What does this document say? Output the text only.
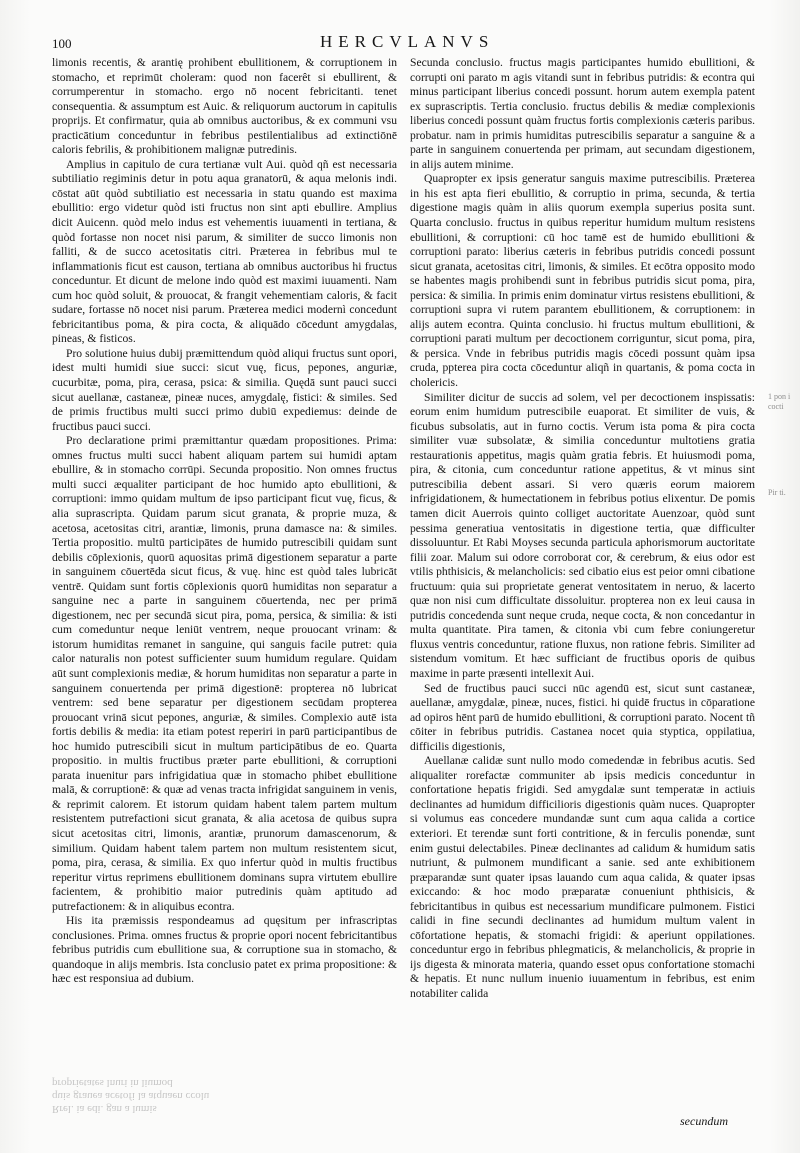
100	HERCVLANVS

limonis recentis, & arantię prohibent ebullitionem, & corruptionem in stomacho, et reprimūt choleram: quod non facerêt si ebullirent, & corrumperentur in stomacho. ergo nō nocent febricitanti. tenet consequentia. & assumptum est Auic. & reliquorum auctorum in capitulis proprijs. Et confirmatur, quia ab omnibus auctoribus, & ex communi vsu practicātium conceduntur in febribus pestilentialibus ad extinctiōnē caloris febrilis, & prohibitionem malignæ putredinis.

Amplius in capitulo de cura tertianæ vult Aui. quòd qñ est necessaria subtiliatio regiminis detur in potu aqua granatorū, & aqua melonis indi. cōstat aūt quòd subtiliatio est necessaria in statu quando est maxima ebullitio: ergo videtur quòd isti fructus non sint apti ebullire. Amplius dicit Auicenn. quòd melo indus est vehementis iuuamenti in tertiana, & quòd fortasse non nocet nisi parum, & similiter de succo limonis non falliti, & de succo acetositatis citri. Præterea in febribus mul te inflammationis ficut est causon, tertiana ab omnibus auctoribus hi fructus conceduntur. Et dicunt de melone indo quòd est maximi iuuamenti. Nam cum hoc quòd soluit, & prouocat, & frangit vehementiam caloris, & facit sudare, fortasse nō nocet nisi parum. Præterea medici modernì concedunt febricitantibus poma, & pira cocta, & aliquādo cōcedunt amygdalas, pineas, & fisticos.

Pro solutione huius dubij præmittendum quòd aliqui fructus sunt opori, idest multi humidi siue succi: sicut vuę, ficus, pepones, anguriæ, cucurbitæ, poma, pira, cerasa, psica: & similia. Quędā sunt pauci succi sicut auellanæ, castaneæ, pineæ nuces, amygdalę, fistici: & similes. Sed de primis fructibus multi succi primo dubiū expediemus: deinde de fructibus pauci succi.

Pro declaratione primi præmittantur quædam propositiones. Prima: omnes fructus multi succi habent aliquam partem sui humidi aptam ebullire, & in stomacho corrūpi. Secunda propositio. Non omnes fructus multi succi æqualiter participant de hoc humido apto ebullitioni, & corruptioni: immo quidam multum de ipso participant ficut vuę, ficus, & alia suprascripta. Quidam parum sicut granata, & proprie muza, & acetosa, acetositas citri, arantiæ, limonis, pruna damasce na: & similes. Tertia propositio. multū participātes de humido putrescibili quidam sunt debilis cōplexionis, quorū aquositas primā digestionem separatur a parte in sanguinem cōuertēda sicut ficus, & vuę. hinc est quòd tales lubricāt ventrē. Quidam sunt fortis cōplexionis quorū humiditas non separatur a sanguine nec a parte in sanguinem cōuertenda, nec per primā digestionem, nec per secundā sicut pira, poma, persica, & similia: & isti cum comeduntur neque leniūt ventrem, neque prouocant vrinam: & istorum humiditas remanet in sanguine, qui sanguis facile putret: quia calor naturalis non potest sufficienter suum humidum regulare. Quidam aūt sunt complexionis mediæ, & horum humiditas non separatur a parte in sanguinem conuertenda per primā digestionē: propterea nō lubricat ventrem: sed bene separatur per digestionem secūdam propterea prouocant vrinā sicut pepones, anguriæ, & similes. Complexio autē ista fortis debilis & media: ita etiam potest reperiri in parū participantibus de hoc humido putrescibili sicut in multum participātibus de eo. Quarta propositio. in multis fructibus præter parte ebullitioni, & corruptioni parata inuenitur pars infrigidatiua quæ in stomacho phibet ebullitione malā, & corruptionē: & quæ ad venas tracta infrigidat sanguinem in venis, & reprimit calorem. Et istorum quidam habent talem partem multum resistentem putrefactioni sicut granata, & alia acetosa de quibus supra sicut acetositas citri, limonis, arantiæ, prunorum damascenorum, & similium. Quidam habent talem partem non multum resistentem sicut, poma, pira, cerasa, & similia. Ex quo infertur quòd in multis fructibus reperitur virtus reprimens ebullitionem dominans supra virtutem ebullire facientem, & prohibitio maior putredinis quàm aptitudo ad putrefactionem: & in aliquibus econtra.

His ita præmissis respondeamus ad quęsitum per infrascriptas conclusiones. Prima. omnes fructus & proprie opori nocent febricitantibus febribus putridis cum ebullitione sua, & corruptione sua in stomacho, & quandoque in alijs membris. Ista conclusio patet ex prima propositione: & hæc est responsiua ad dubium.

Secunda conclusio. fructus magis participantes humido ebullitioni, & corrupti oni parato m agis vitandi sunt in febribus putridis: & econtra qui minus participant liberius concedi possunt. horum autem exempla patent ex suprascriptis. Tertia conclusio. fructus debilis & mediæ complexionis liberius concedi possunt quàm fructus fortis complexionis cæteris paribus. probatur. nam in primis humiditas putrescibilis separatur a sanguine & a parte in sanguinem conuertenda per primam, aut secundam digestionem, in alijs autem minime.

Quapropter ex ipsis generatur sanguis maxime putrescibilis. Præterea in his est apta fieri ebullitio, & corruptio in prima, secunda, & tertia digestione magis quàm in aliis quorum exempla superius posita sunt. Quarta conclusio. fructus in quibus reperitur humidum multum resistens ebullitioni, & corruptioni: cū hoc tamē est de humido ebullitioni & corruptioni parato: liberius cæteris in febribus putridis concedi possunt sicut granata, acetositas citri, limonis, & similes. Et ecōtra opposito modo se habentes magis prohibendi sunt in febribus putridis sicut poma, pira, persica: & similia. In primis enim dominatur virtus resistens ebullitioni, & corruptioni supra vi rutem parantem ebullitionem, & corruptionem: in alijs autem econtra. Quinta conclusio. hi fructus multum ebullitioni, & corruptioni parati multum per decoctionem corriguntur, sicut poma, pira, & persica. Vnde in febribus putridis magis cōcedi possunt quàm ipsa cruda, ppterea pira cocta cōceduntur aliqñ in quartanis, & poma cocta in cholericis.

Similiter dicitur de succis ad solem, vel per decoctionem inspissatis: eorum enim humidum putrescibile euaporat. Et similiter de vuis, & ficubus subsolatis, aut in furno coctis. Verum ista poma & pira cocta similiter vuæ subsolatæ, & similia conceduntur multotiens gratia restaurationis appetitus, magis quàm gratia febris. Et huiusmodi poma, pira, & citonia, cum conceduntur ratione appetitus, & vt minus sint putrescibilia debent assari. Si vero quæris eorum maiorem infrigidationem, & humectationem in febribus potius elixentur. De pomis tamen dicit Auerrois quinto colliget auctoritate Auenzoar, quòd sunt pessima generatiua ventositatis in digestione tertia, quæ difficulter dissoluuntur. Et Rabi Moyses secunda particula aphorismorum auctoritate filii zoar. Malum sui odore corroborat cor, & cerebrum, & eius odor est vtilis phthisicis, & melancholicis: sed cibatio eius est peior omni cibatione fructuum: quia sui proprietate generat ventositatem in neruo, & lacerto quæ non nisi cum difficultate dissoluitur. propterea non ex leui causa in putridis concedenda sunt neque cruda, neque cocta, & non concedantur in multa quantitate. Pira tamen, & citonia vbi cum febre coniungeretur fluxus ventris conceduntur, ratione fluxus, non ratione febris. Similiter ad sistendum vomitum. Et hæc sufficiant de fructibus oporis de quibus maxime in parte præsenti intellexit Aui.

Sed de fructibus pauci succi nūc agendū est, sicut sunt castaneæ, auellanæ, amygdalæ, pineæ, nuces, fistici. hi quidē fructus in cōparatione ad opiros hēnt parū de humido ebullitioni, & corruptioni parato. Nocent tñ cōiter in febribus putridis. Castanea nocet quia styptica, oppilatiua, difficilis digestionis,

Auellanæ calidæ sunt nullo modo comedendæ in febribus acutis. Sed aliqualiter rorefactæ communiter ab ipsis medicis conceduntur in confortatione hepatis frigidi. Sed amygdalæ sunt temperatæ in actiuis declinantes ad humidum difficilioris digestionis quàm nuces. Quapropter si volumus eas concedere mundandæ sunt cum aqua calida a cortice exteriori. Et terendæ sunt forti contritione, & in ferculis ponendæ, sunt enim gustui delectabiles. Pineæ declinantes ad calidum & humidum satis nutriunt, & pulmonem mundificant a sanie. sed ante exhibitionem præparandæ sunt quater ipsas lauando cum aqua calida, & quater ipsas exiccando: & hoc modo præparatæ conueniunt phthisicis, & febricitantibus in quibus est necessarium mundificare pulmonem. Fistici calidi in fine secundi declinantes ad humidum multum valent in cōfortatione hepatis, & stomachi frigidi: & aperiunt oppilationes. conceduntur ergo in febribus phlegmaticis, & melancholicis, & proprie in ijs digesta & minorata materia, quando esset opus confortatione stomachi & hepatis. Et nunc nullum inuenio iuuamentum in febribus, est enim notabiliter calida

proprietates lnuri in liumod
quis grauea acetofi la atquaen ccolu
Rrel. ia edi. gan a lumis
1 pon i cocti
Pir ti.
secundum
